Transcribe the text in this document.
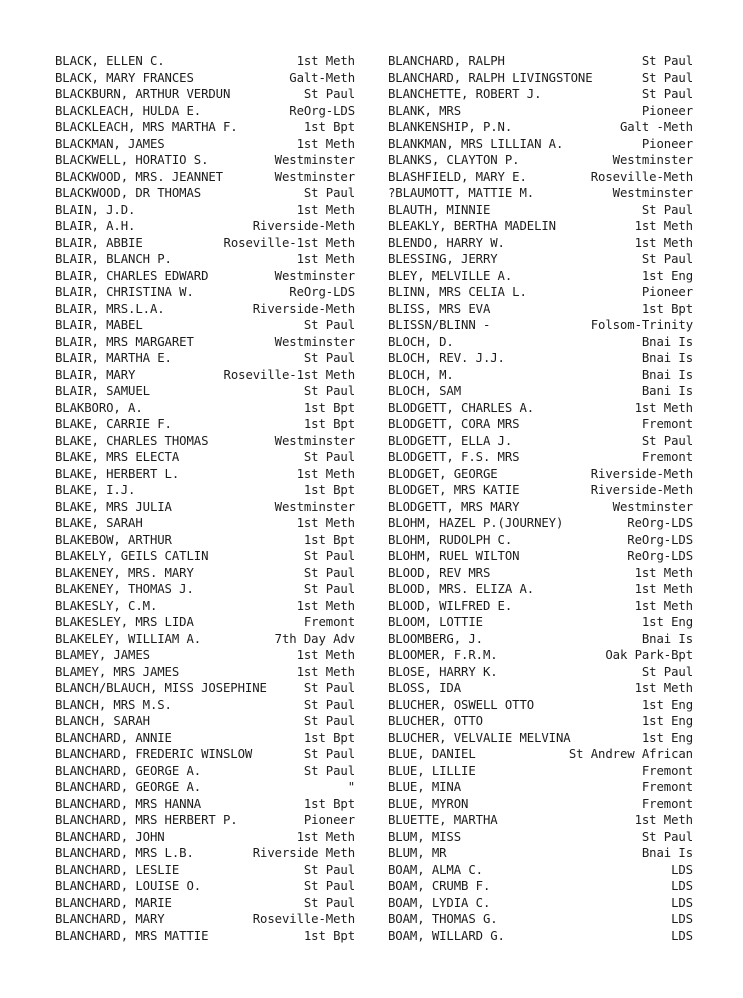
BLACK, ELLEN C.	1st Meth
BLACK, MARY FRANCES	Galt-Meth
BLACKBURN, ARTHUR VERDUN	St Paul
BLACKLEACH, HULDA E.	ReOrg-LDS
BLACKLEACH, MRS MARTHA F.	1st Bpt
BLACKMAN, JAMES	1st Meth
BLACKWELL, HORATIO S.	Westminster
BLACKWOOD, MRS. JEANNET	Westminster
BLACKWOOD, DR THOMAS	St Paul
BLAIN, J.D.	1st Meth
BLAIR, A.H.	Riverside-Meth
BLAIR, ABBIE	Roseville-1st Meth
BLAIR, BLANCH P.	1st Meth
BLAIR, CHARLES EDWARD	Westminster
BLAIR, CHRISTINA W.	ReOrg-LDS
BLAIR, MRS.L.A.	Riverside-Meth
BLAIR, MABEL	St Paul
BLAIR, MRS MARGARET	Westminster
BLAIR, MARTHA E.	St Paul
BLAIR, MARY	Roseville-1st Meth
BLAIR, SAMUEL	St Paul
BLAKBORO, A.	1st Bpt
BLAKE, CARRIE F.	1st Bpt
BLAKE, CHARLES THOMAS	Westminster
BLAKE, MRS ELECTA	St Paul
BLAKE, HERBERT L.	1st Meth
BLAKE, I.J.	1st Bpt
BLAKE, MRS JULIA	Westminster
BLAKE, SARAH	1st Meth
BLAKEBOW, ARTHUR	1st Bpt
BLAKELY, GEILS CATLIN	St Paul
BLAKENEY, MRS. MARY	St Paul
BLAKENEY, THOMAS J.	St Paul
BLAKESLY, C.M.	1st Meth
BLAKESLEY, MRS LIDA	Fremont
BLAKELEY, WILLIAM A.	7th Day Adv
BLAMEY, JAMES	1st Meth
BLAMEY, MRS JAMES	1st Meth
BLANCH/BLAUCH, MISS JOSEPHINE	St Paul
BLANCH, MRS M.S.	St Paul
BLANCH, SARAH	St Paul
BLANCHARD, ANNIE	1st Bpt
BLANCHARD, FREDERIC WINSLOW	St Paul
BLANCHARD, GEORGE A.	St Paul
BLANCHARD, GEORGE A.	"
BLANCHARD, MRS HANNA	1st Bpt
BLANCHARD, MRS HERBERT P.	Pioneer
BLANCHARD, JOHN	1st Meth
BLANCHARD, MRS L.B.	Riverside Meth
BLANCHARD, LESLIE	St Paul
BLANCHARD, LOUISE O.	St Paul
BLANCHARD, MARIE	St Paul
BLANCHARD, MARY	Roseville-Meth
BLANCHARD, MRS MATTIE	1st Bpt
BLANCHARD, RALPH	St Paul
BLANCHARD, RALPH LIVINGSTONE	St Paul
BLANCHETTE, ROBERT J.	St Paul
BLANK, MRS	Pioneer
BLANKENSHIP, P.N.	Galt -Meth
BLANKMAN, MRS LILLIAN A.	Pioneer
BLANKS, CLAYTON P.	Westminster
BLASHFIELD, MARY E.	Roseville-Meth
?BLAUMOTT, MATTIE M.	Westminster
BLAUTH, MINNIE	St Paul
BLEAKLY, BERTHA MADELIN	1st Meth
BLENDO, HARRY W.	1st Meth
BLESSING, JERRY	St Paul
BLEY, MELVILLE A.	1st Eng
BLINN, MRS CELIA L.	Pioneer
BLISS, MRS EVA	1st Bpt
BLISSN/BLINN -	Folsom-Trinity
BLOCH, D.	Bnai Is
BLOCH, REV. J.J.	Bnai Is
BLOCH, M.	Bnai Is
BLOCH, SAM	Bani Is
BLODGETT, CHARLES A.	1st Meth
BLODGETT, CORA MRS	Fremont
BLODGETT, ELLA J.	St Paul
BLODGETT, F.S. MRS	Fremont
BLODGET, GEORGE	Riverside-Meth
BLODGET, MRS KATIE	Riverside-Meth
BLODGETT, MRS MARY	Westminster
BLOHM, HAZEL P.(JOURNEY)	ReOrg-LDS
BLOHM, RUDOLPH C.	ReOrg-LDS
BLOHM, RUEL WILTON	ReOrg-LDS
BLOOD, REV MRS	1st Meth
BLOOD, MRS. ELIZA A.	1st Meth
BLOOD, WILFRED E.	1st Meth
BLOOM, LOTTIE	1st Eng
BLOOMBERG, J.	Bnai Is
BLOOMER, F.R.M.	Oak Park-Bpt
BLOSE, HARRY K.	St Paul
BLOSS, IDA	1st Meth
BLUCHER, OSWELL OTTO	1st Eng
BLUCHER, OTTO	1st Eng
BLUCHER, VELVALIE MELVINA	1st Eng
BLUE, DANIEL	St Andrew African
BLUE, LILLIE	Fremont
BLUE, MINA	Fremont
BLUE, MYRON	Fremont
BLUETTE, MARTHA	1st Meth
BLUM, MISS	St Paul
BLUM, MR	Bnai Is
BOAM, ALMA C.	LDS
BOAM, CRUMB F.	LDS
BOAM, LYDIA C.	LDS
BOAM, THOMAS G.	LDS
BOAM, WILLARD G.	LDS
